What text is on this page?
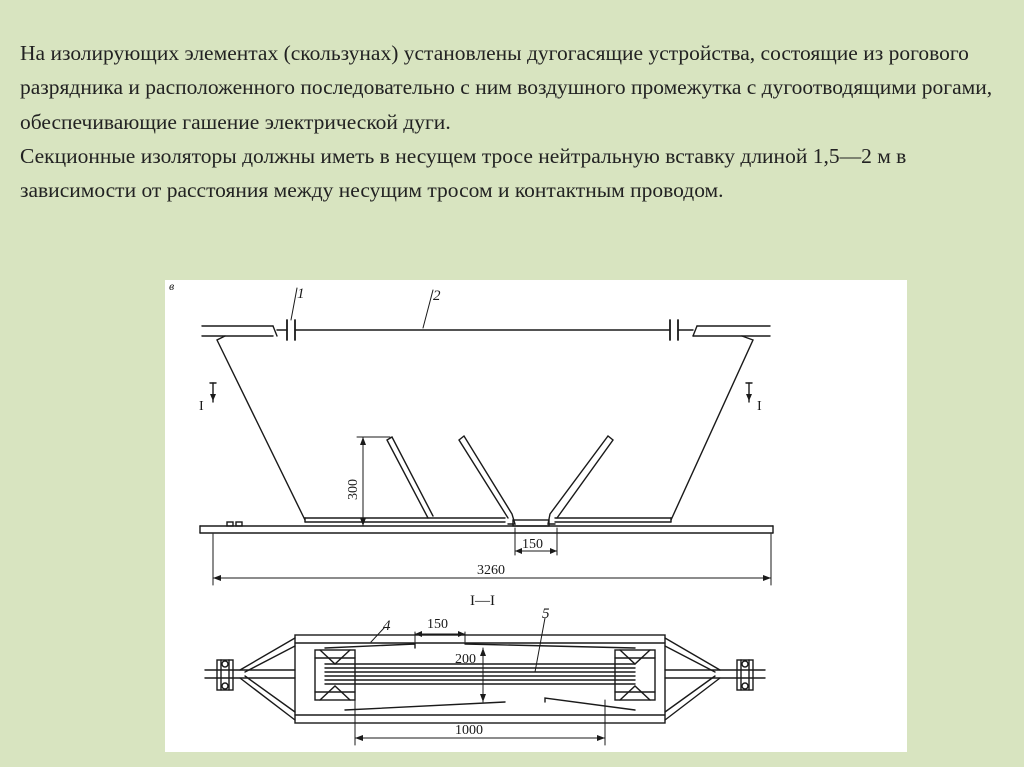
На изолирующих элементах (скользунах) установлены дугогасящие устройства, состоящие из рогового разрядника и расположенного последовательно с ним воздушного промежутка с дугоотводящими рогами, обеспечивающие гашение электрической дуги.

Секционные изоляторы должны иметь в несущем тросе нейтральную вставку длиной 1,5—2 м в зависимости от расстояния между несущим тросом и контактным проводом.

в	1	2
I	I
300
150
3260
I—I
4
5
150
200
1000
